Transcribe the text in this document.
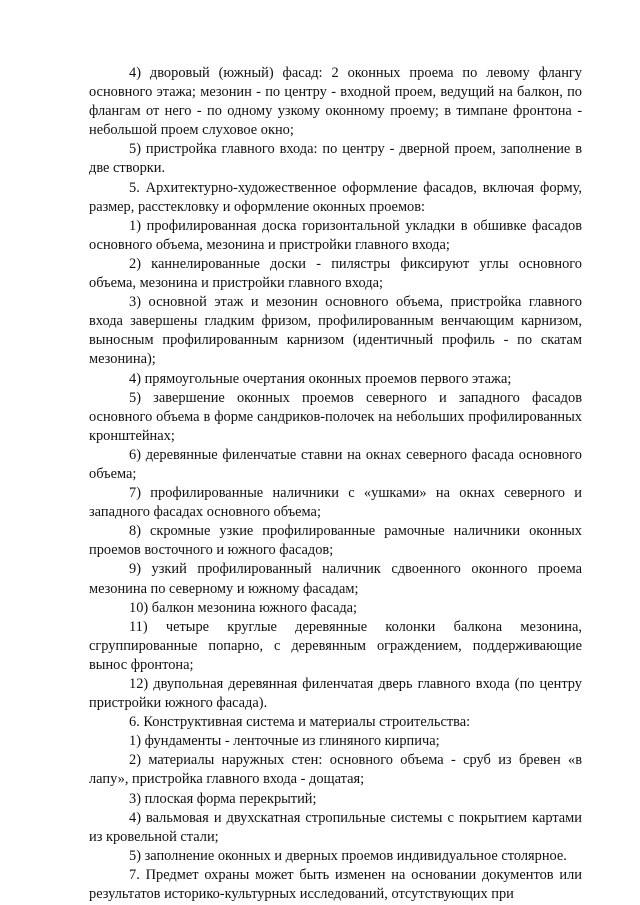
4) дворовый (южный) фасад: 2 оконных проема по левому флангу основного этажа; мезонин - по центру - входной проем, ведущий на балкон, по флангам от него - по одному узкому оконному проему; в тимпане фронтона - небольшой проем слуховое окно;

5) пристройка главного входа: по центру - дверной проем, заполнение в две створки.

5. Архитектурно-художественное оформление фасадов, включая форму, размер, расстекловку и оформление оконных проемов:

1) профилированная доска горизонтальной укладки в обшивке фасадов основного объема, мезонина и пристройки главного входа;

2) каннелированные доски - пилястры фиксируют углы основного объема, мезонина и пристройки главного входа;

3) основной этаж и мезонин основного объема, пристройка главного входа завершены гладким фризом, профилированным венчающим карнизом, выносным профилированным карнизом (идентичный профиль - по скатам мезонина);

4) прямоугольные очертания оконных проемов первого этажа;

5) завершение оконных проемов северного и западного фасадов основного объема в форме сандриков-полочек на небольших профилированных кронштейнах;

6) деревянные филенчатые ставни на окнах северного фасада основного объема;

7) профилированные наличники с «ушками» на окнах северного и западного фасадах основного объема;

8) скромные узкие профилированные рамочные наличники оконных проемов восточного и южного фасадов;

9) узкий профилированный наличник сдвоенного оконного проема мезонина по северному и южному фасадам;

10) балкон мезонина южного фасада;

11) четыре круглые деревянные колонки балкона мезонина, сгруппированные попарно, с деревянным ограждением, поддерживающие вынос фронтона;

12) двупольная деревянная филенчатая дверь главного входа (по центру пристройки южного фасада).

6. Конструктивная система и материалы строительства:

1) фундаменты - ленточные из глиняного кирпича;

2) материалы наружных стен: основного объема - сруб из бревен «в лапу», пристройка главного входа - дощатая;

3) плоская форма перекрытий;

4) вальмовая и двухскатная стропильные системы с покрытием картами из кровельной стали;

5) заполнение оконных и дверных проемов индивидуальное столярное.

7. Предмет охраны может быть изменен на основании документов или результатов историко-культурных исследований, отсутствующих при
